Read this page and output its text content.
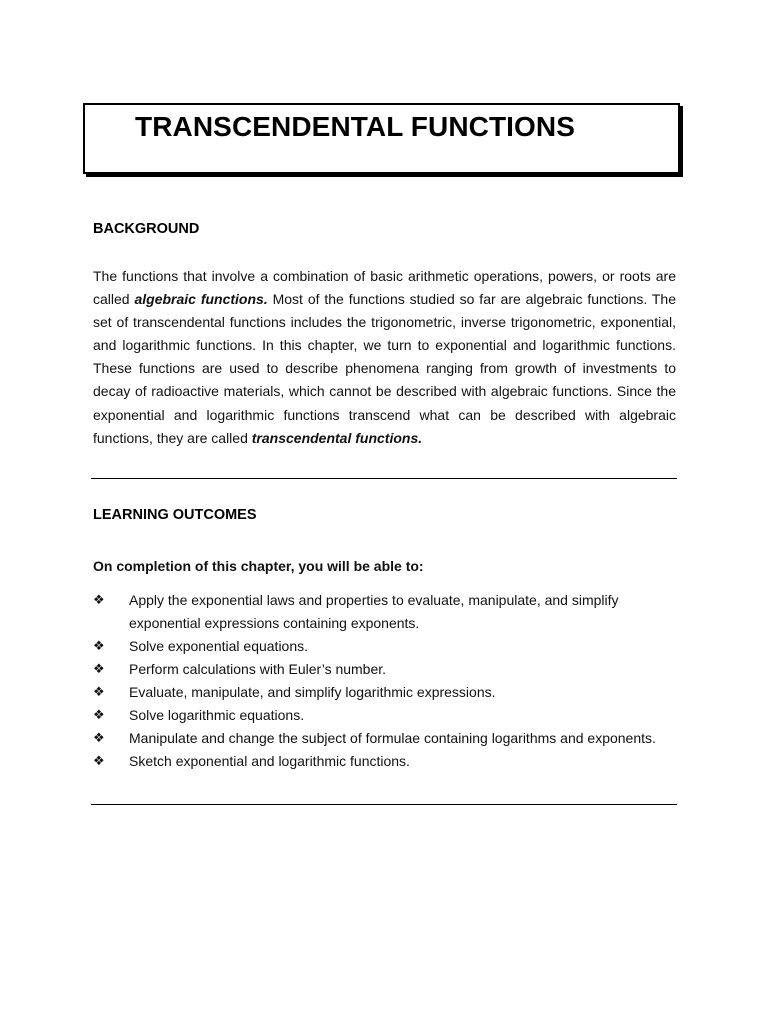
TRANSCENDENTAL FUNCTIONS
BACKGROUND

The functions that involve a combination of basic arithmetic operations, powers, or roots are called algebraic functions. Most of the functions studied so far are algebraic functions. The set of transcendental functions includes the trigonometric, inverse trigonometric, exponential, and logarithmic functions. In this chapter, we turn to exponential and logarithmic functions. These functions are used to describe phenomena ranging from growth of investments to decay of radioactive materials, which cannot be described with algebraic functions. Since the exponential and logarithmic functions transcend what can be described with algebraic functions, they are called transcendental functions.

LEARNING OUTCOMES
On completion of this chapter, you will be able to:
❖ Apply the exponential laws and properties to evaluate, manipulate, and simplify exponential expressions containing exponents.
❖ Solve exponential equations.
❖ Perform calculations with Euler’s number.
❖ Evaluate, manipulate, and simplify logarithmic expressions.
❖ Solve logarithmic equations.
❖ Manipulate and change the subject of formulae containing logarithms and exponents.
❖ Sketch exponential and logarithmic functions.
